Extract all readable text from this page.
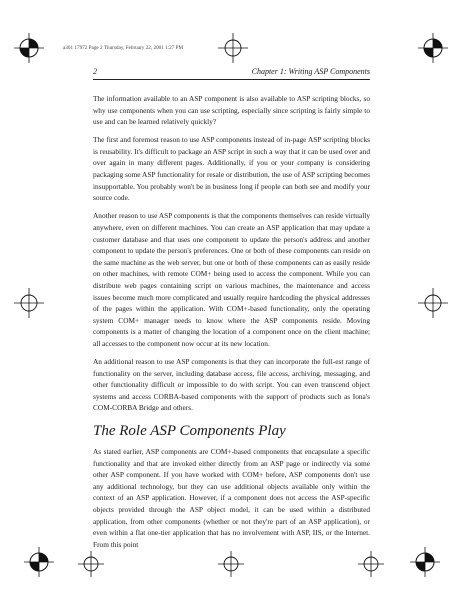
a301 17972 Page 2 Thursday, February 22, 2001 1:27 PM
2	Chapter 1: Writing ASP Components

The information available to an ASP component is also available to ASP scripting blocks, so why use components when you can use scripting, especially since scripting is fairly simple to use and can be learned relatively quickly?

The first and foremost reason to use ASP components instead of in-page ASP scripting blocks is reusability. It's difficult to package an ASP script in such a way that it can be used over and over again in many different pages. Additionally, if you or your company is considering packaging some ASP functionality for resale or distribution, the use of ASP scripting becomes insupportable. You probably won't be in business long if people can both see and modify your source code.

Another reason to use ASP components is that the components themselves can reside virtually anywhere, even on different machines. You can create an ASP application that may update a customer database and that uses one component to update the person's address and another component to update the person's preferences. One or both of these components can reside on the same machine as the web server, but one or both of these components can as easily reside on other machines, with remote COM+ being used to access the component. While you can distribute web pages containing script on various machines, the maintenance and access issues become much more complicated and usually require hardcoding the physical addresses of the pages within the application. With COM+-based functionality, only the operating system COM+ manager needs to know where the ASP components reside. Moving components is a matter of changing the location of a component once on the client machine; all accesses to the component now occur at its new location.

An additional reason to use ASP components is that they can incorporate the full-est range of functionality on the server, including database access, file access, archiving, messaging, and other functionality difficult or impossible to do with script. You can even transcend object systems and access CORBA-based components with the support of products such as Iona's COM-CORBA Bridge and others.

The Role ASP Components Play

As stated earlier, ASP components are COM+-based components that encapsulate a specific functionality and that are invoked either directly from an ASP page or indirectly via some other ASP component. If you have worked with COM+ before, ASP components don't use any additional technology, but they can use additional objects available only within the context of an ASP application. However, if a component does not access the ASP-specific objects provided through the ASP object model, it can be used within a distributed application, from other components (whether or not they're part of an ASP application), or even within a flat one-tier application that has no involvement with ASP, IIS, or the Internet. From this point
